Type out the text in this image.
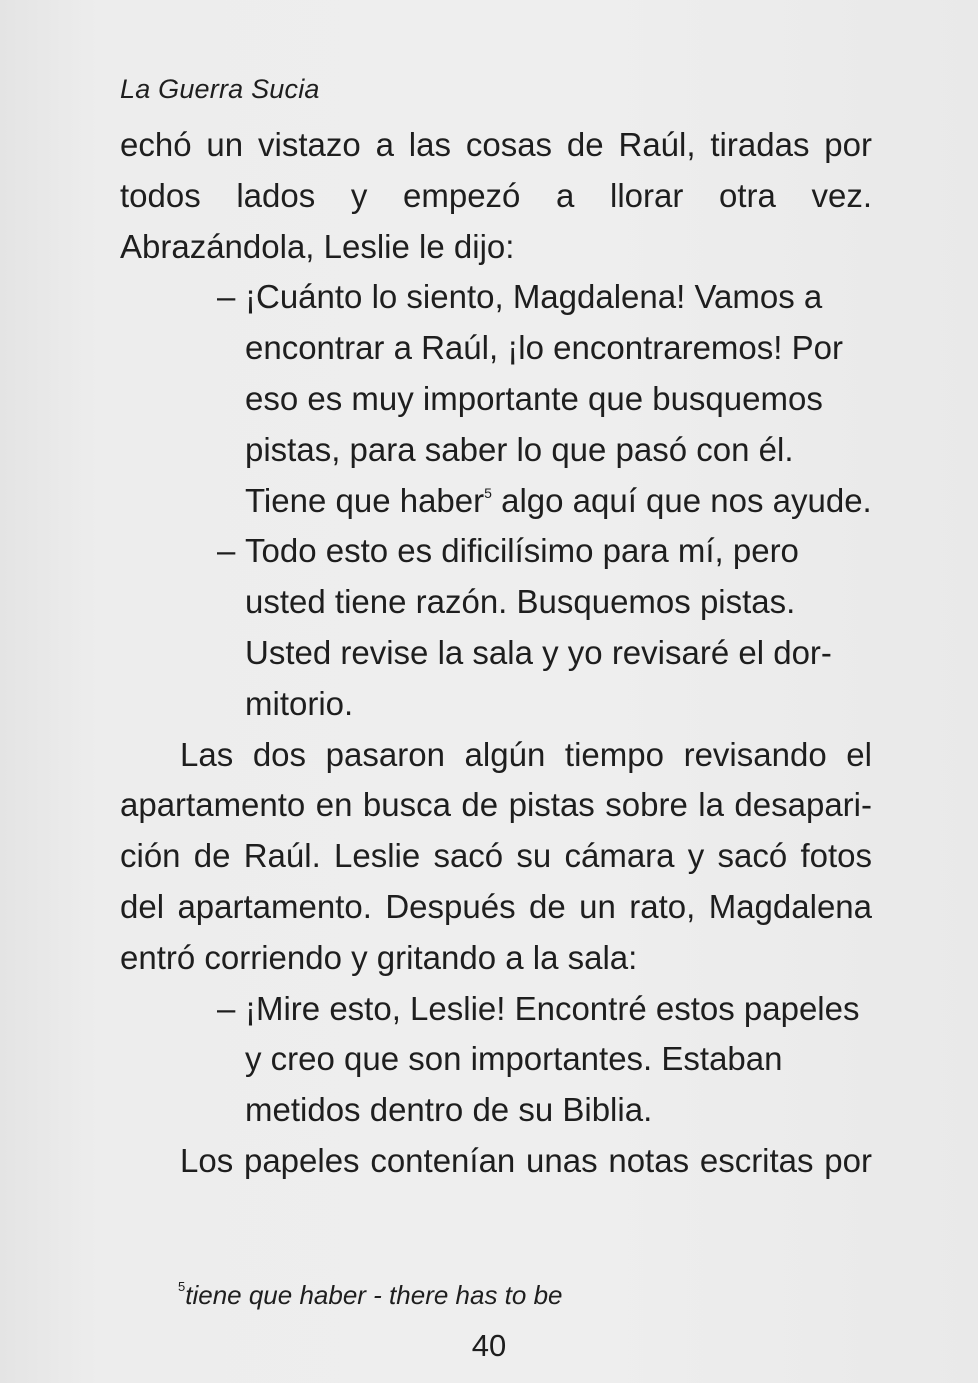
La Guerra Sucia

echó un vistazo a las cosas de Raúl, tiradas por todos lados y empezó a llorar otra vez. Abrazándola, Leslie le dijo:

– ¡Cuánto lo siento, Magdalena! Vamos a encontrar a Raúl, ¡lo encontraremos! Por eso es muy importante que busquemos pistas, para saber lo que pasó con él. Tiene que haber$^5$ algo aquí que nos ayude.

– Todo esto es dificilísimo para mí, pero usted tiene razón. Busquemos pistas. Usted revise la sala y yo revisaré el dormitorio.

Las dos pasaron algún tiempo revisando el apartamento en busca de pistas sobre la desaparición de Raúl. Leslie sacó su cámara y sacó fotos del apartamento. Después de un rato, Magdalena entró corriendo y gritando a la sala:

– ¡Mire esto, Leslie! Encontré estos papeles y creo que son importantes. Estaban metidos dentro de su Biblia.

Los papeles contenían unas notas escritas por

$^5$tiene que haber - there has to be
40
